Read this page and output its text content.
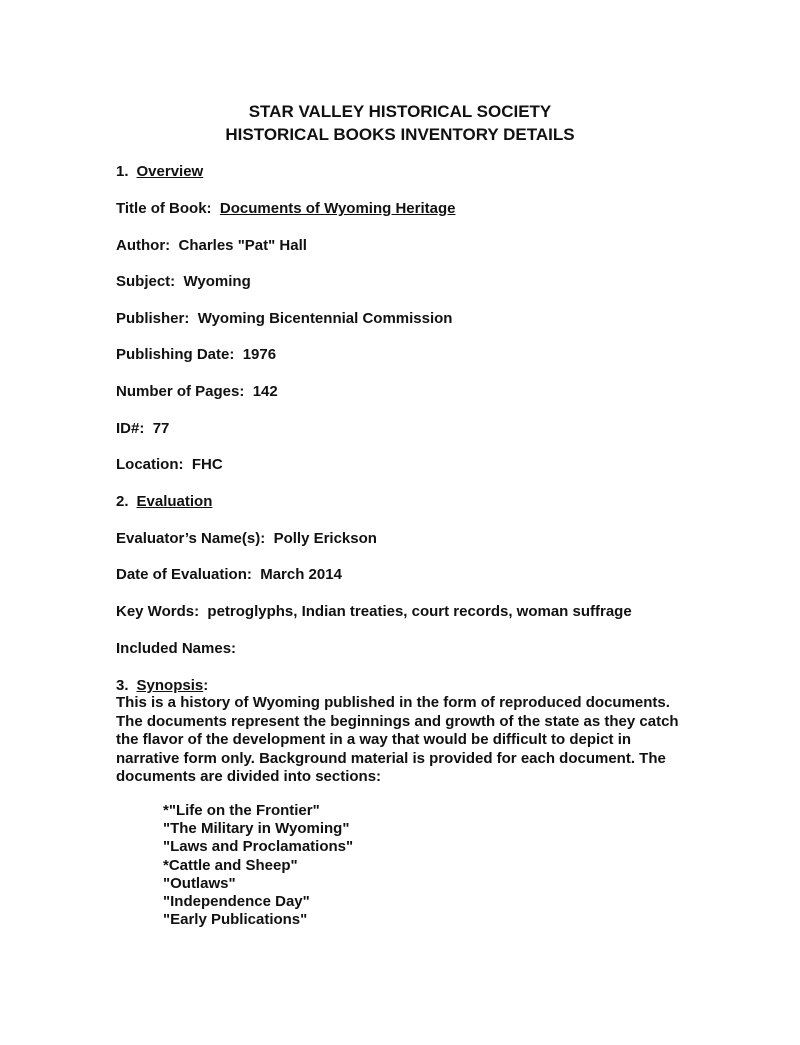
STAR VALLEY HISTORICAL SOCIETY
HISTORICAL BOOKS INVENTORY DETAILS
1. Overview
Title of Book: Documents of Wyoming Heritage
Author: Charles "Pat" Hall
Subject: Wyoming
Publisher: Wyoming Bicentennial Commission
Publishing Date: 1976
Number of Pages: 142
ID#: 77
Location: FHC
2. Evaluation
Evaluator’s Name(s): Polly Erickson
Date of Evaluation: March 2014
Key Words: petroglyphs, Indian treaties, court records, woman suffrage
Included Names:
3. Synopsis:
This is a history of Wyoming published in the form of reproduced documents. The documents represent the beginnings and growth of the state as they catch the flavor of the development in a way that would be difficult to depict in narrative form only. Background material is provided for each document. The documents are divided into sections:
*"Life on the Frontier"
"The Military in Wyoming"
"Laws and Proclamations"
*Cattle and Sheep"
"Outlaws"
"Independence Day"
"Early Publications"
